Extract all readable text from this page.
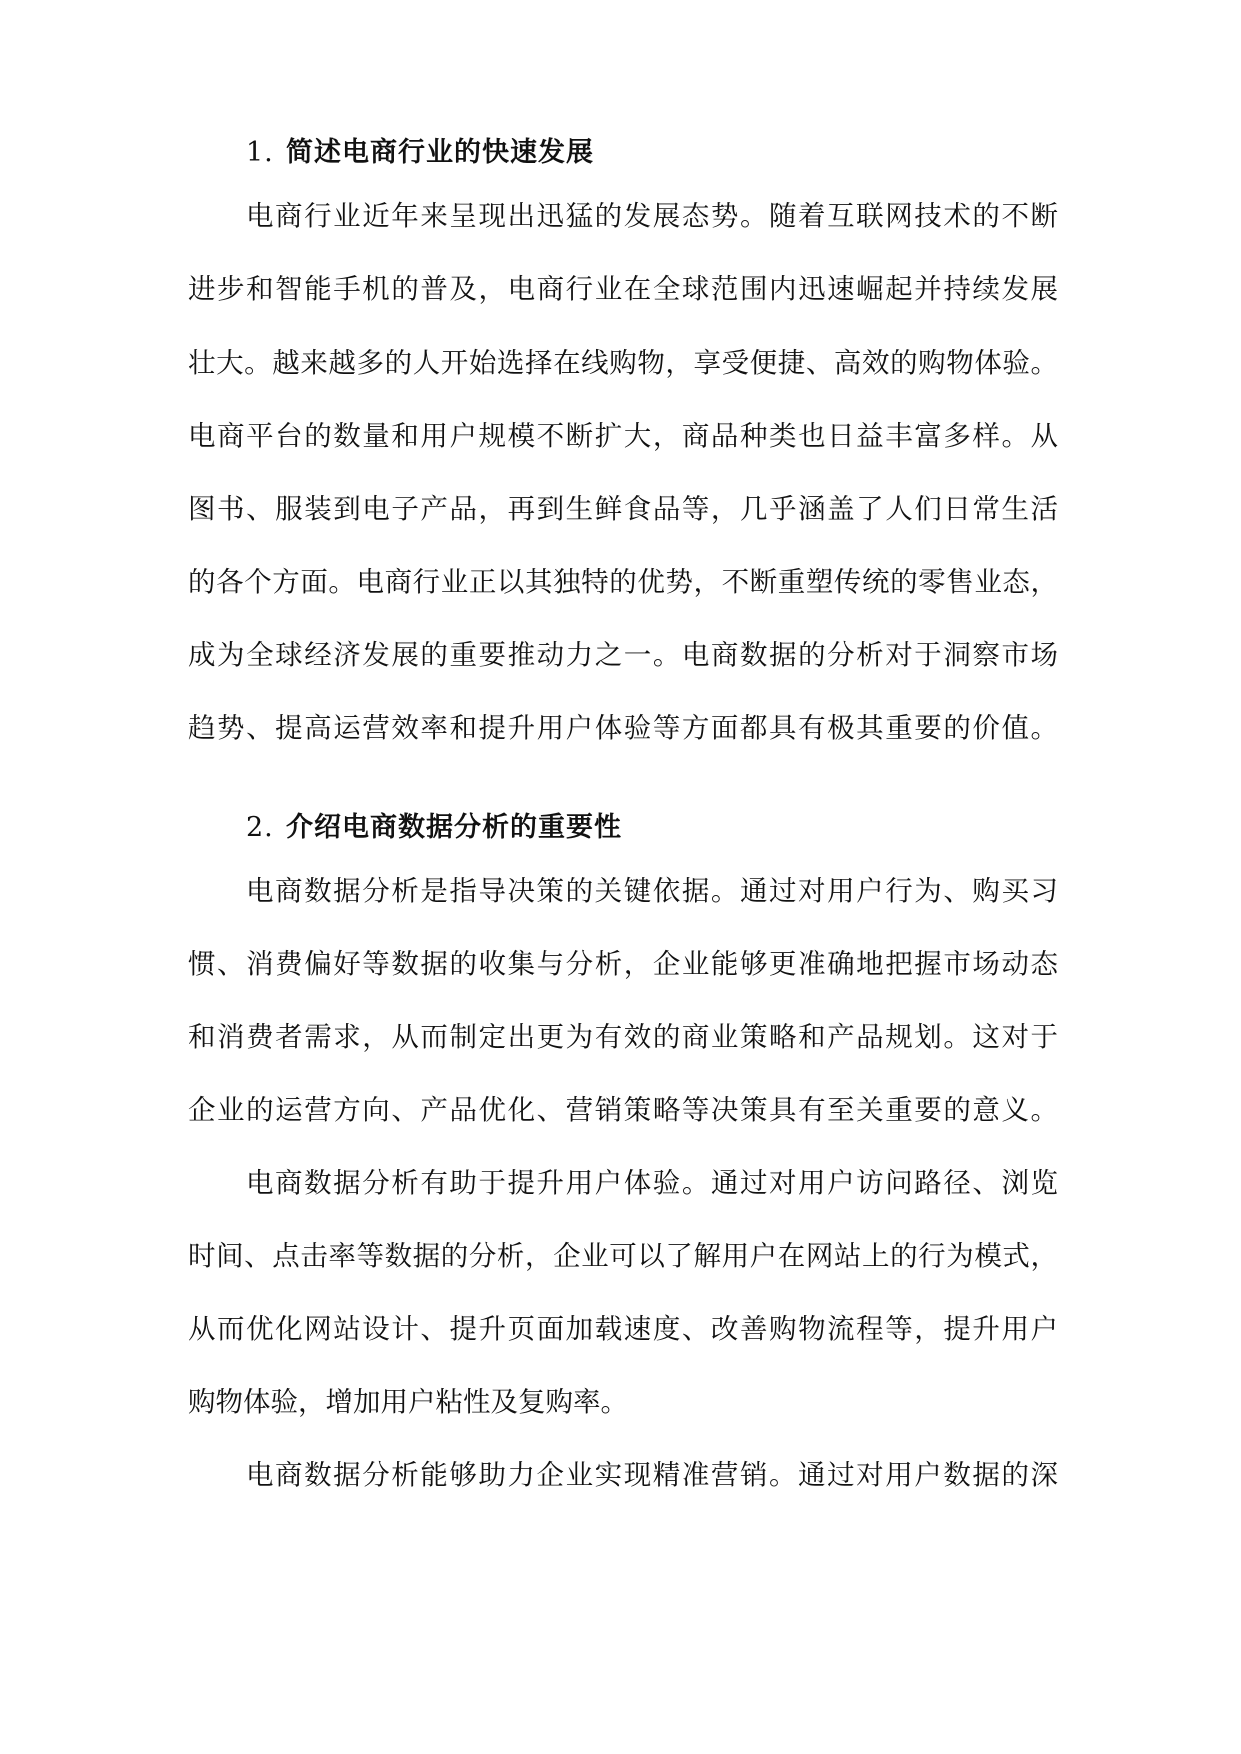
1. 简述电商行业的快速发展
电商行业近年来呈现出迅猛的发展态势。随着互联网技术的不断
进步和智能手机的普及，电商行业在全球范围内迅速崛起并持续发展
壮大。越来越多的人开始选择在线购物，享受便捷、高效的购物体验。
电商平台的数量和用户规模不断扩大，商品种类也日益丰富多样。从
图书、服装到电子产品，再到生鲜食品等，几乎涵盖了人们日常生活
的各个方面。电商行业正以其独特的优势，不断重塑传统的零售业态，
成为全球经济发展的重要推动力之一。电商数据的分析对于洞察市场
趋势、提高运营效率和提升用户体验等方面都具有极其重要的价值。
2. 介绍电商数据分析的重要性
电商数据分析是指导决策的关键依据。通过对用户行为、购买习
惯、消费偏好等数据的收集与分析，企业能够更准确地把握市场动态
和消费者需求，从而制定出更为有效的商业策略和产品规划。这对于
企业的运营方向、产品优化、营销策略等决策具有至关重要的意义。
电商数据分析有助于提升用户体验。通过对用户访问路径、浏览
时间、点击率等数据的分析，企业可以了解用户在网站上的行为模式，
从而优化网站设计、提升页面加载速度、改善购物流程等，提升用户
购物体验，增加用户粘性及复购率。
电商数据分析能够助力企业实现精准营销。通过对用户数据的深
